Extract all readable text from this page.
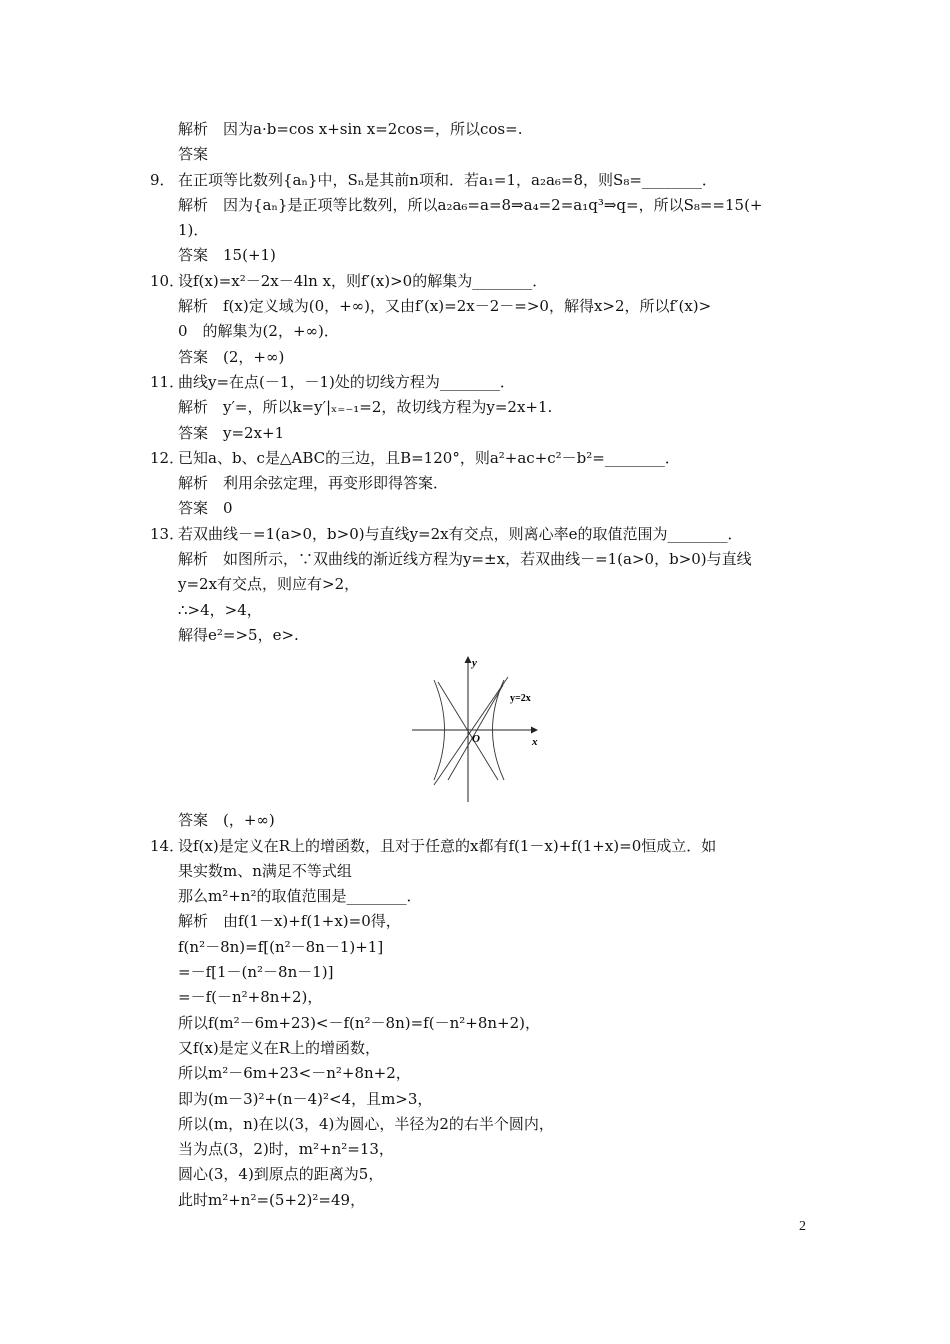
解析　因为a·b=cos x+sin x=2cos=，所以cos=.
答案
9． 在正项等比数列{aₙ}中，Sₙ是其前n项和．若a₁=1，a₂a₆=8，则S₈=________．
解析　因为{aₙ}是正项等比数列，所以a₂a₆=a=8⇒a₄=2=a₁q³⇒q=，所以S₈==15(+
1)．
答案　15(+1)
10．设f(x)=x²－2x－4ln x，则f′(x)>0的解集为________．
解析　f(x)定义域为(0，+∞)，又由f′(x)=2x－2－=>0，解得x>2，所以f′(x)>
0　的解集为(2，+∞)．
答案　(2，+∞)
11．曲线y=在点(－1，－1)处的切线方程为________．
解析　y′=，所以k=y′|ₓ₌₋₁=2，故切线方程为y=2x+1.
答案　y=2x+1
12．已知a、b、c是△ABC的三边，且B=120°，则a²+ac+c²－b²=________．
解析　利用余弦定理，再变形即得答案．
答案　0
13．若双曲线－=1(a>0，b>0)与直线y=2x有交点，则离心率e的取值范围为________．
解析　如图所示，∵双曲线的渐近线方程为y=±x，若双曲线－=1(a>0，b>0)与直线
y=2x有交点，则应有>2，
∴>4，>4，
解得e²=>5，e>.
y
x
O
y=2x
答案　(，+∞)
14．设f(x)是定义在R上的增函数，且对于任意的x都有f(1－x)+f(1+x)=0恒成立．如
果实数m、n满足不等式组
那么m²+n²的取值范围是________．
解析　由f(1－x)+f(1+x)=0得，
f(n²－8n)=f[(n²－8n－1)+1]
=－f[1－(n²－8n－1)]
=－f(－n²+8n+2)，
所以f(m²－6m+23)<－f(n²－8n)=f(－n²+8n+2)，
又f(x)是定义在R上的增函数，
所以m²－6m+23<－n²+8n+2，
即为(m－3)²+(n－4)²<4，且m>3，
所以(m，n)在以(3，4)为圆心，半径为2的右半个圆内，
当为点(3，2)时，m²+n²=13，
圆心(3，4)到原点的距离为5，
此时m²+n²=(5+2)²=49，
2
